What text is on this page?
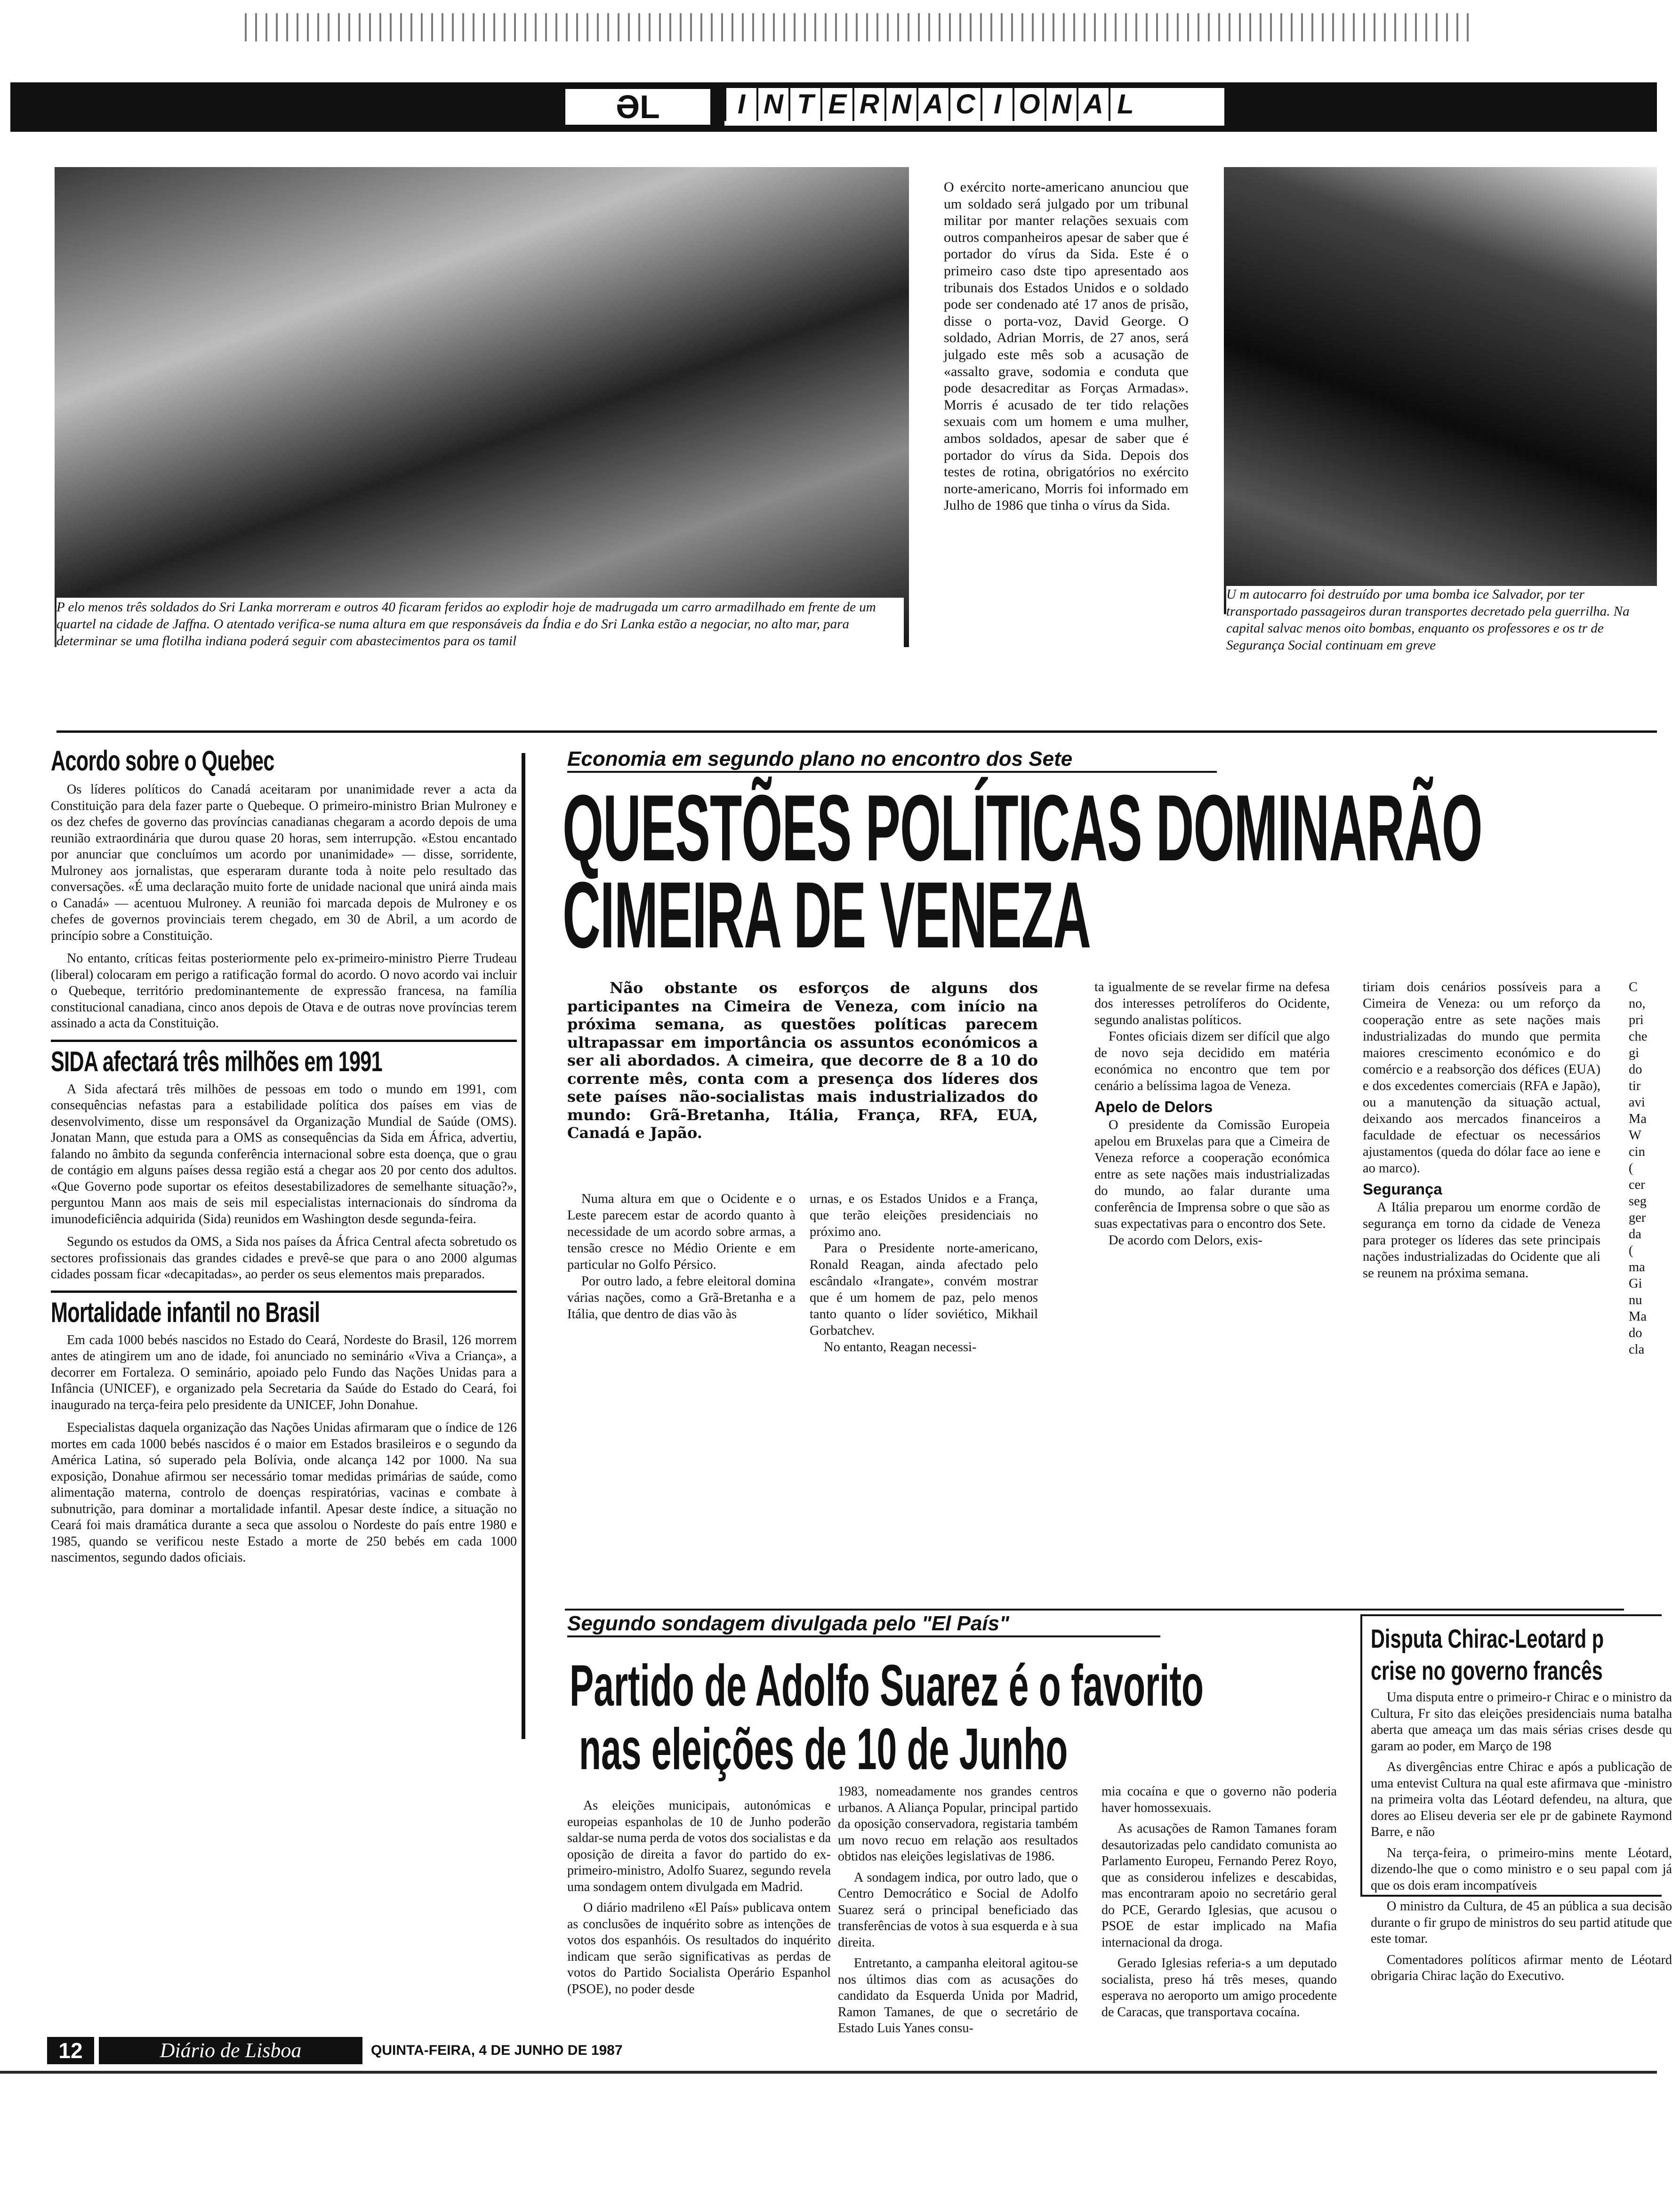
ƏL	I N T E R N A C I O N A L
P elo menos três soldados do Sri Lanka morreram e outros 40 ficaram feridos ao explodir hoje de madrugada um carro armadilhado em frente de um quartel na cidade de Jaffna. O atentado verifica-se numa altura em que responsáveis da Índia e do Sri Lanka estão a negociar, no alto mar, para determinar se uma flotilha indiana poderá seguir com abastecimentos para os tamil
O exército norte-americano anunciou que um soldado será julgado por um tribunal militar por manter relações sexuais com outros companheiros apesar de saber que é portador do vírus da Sida. Este é o primeiro caso dste tipo apresentado aos tribunais dos Estados Unidos e o soldado pode ser condenado até 17 anos de prisão, disse o porta-voz, David George. O soldado, Adrian Morris, de 27 anos, será julgado este mês sob a acusação de «assalto grave, sodomia e conduta que pode desacreditar as Forças Armadas». Morris é acusado de ter tido relações sexuais com um homem e uma mulher, ambos soldados, apesar de saber que é portador do vírus da Sida. Depois dos testes de rotina, obrigatórios no exército norte-americano, Morris foi informado em Julho de 1986 que tinha o vírus da Sida.
U m autocarro foi destruído por uma bomba ice Salvador, por ter transportado passageiros duran transportes decretado pela guerrilha. Na capital salvac menos oito bombas, enquanto os professores e os tr de Segurança Social continuam em greve
Acordo sobre o Quebec

Os líderes políticos do Canadá aceitaram por unanimidade rever a acta da Constituição para dela fazer parte o Quebeque. O primeiro-ministro Brian Mulroney e os dez chefes de governo das províncias canadianas chegaram a acordo depois de uma reunião extraordinária que durou quase 20 horas, sem interrupção. «Estou encantado por anunciar que concluímos um acordo por unanimidade» — disse, sorridente, Mulroney aos jornalistas, que esperaram durante toda à noite pelo resultado das conversações. «É uma declaração muito forte de unidade nacional que unirá ainda mais o Canadá» — acentuou Mulroney. A reunião foi marcada depois de Mulroney e os chefes de governos provinciais terem chegado, em 30 de Abril, a um acordo de princípio sobre a Constituição.

No entanto, críticas feitas posteriormente pelo ex-primeiro-ministro Pierre Trudeau (liberal) colocaram em perigo a ratificação formal do acordo. O novo acordo vai incluir o Quebeque, território predominantemente de expressão francesa, na família constitucional canadiana, cinco anos depois de Otava e de outras nove províncias terem assinado a acta da Constituição.

SIDA afectará três milhões em 1991

A Sida afectará três milhões de pessoas em todo o mundo em 1991, com consequências nefastas para a estabilidade política dos países em vias de desenvolvimento, disse um responsável da Organização Mundial de Saúde (OMS). Jonatan Mann, que estuda para a OMS as consequências da Sida em África, advertiu, falando no âmbito da segunda conferência internacional sobre esta doença, que o grau de contágio em alguns países dessa região está a chegar aos 20 por cento dos adultos. «Que Governo pode suportar os efeitos desestabilizadores de semelhante situação?», perguntou Mann aos mais de seis mil especialistas internacionais do síndroma da imunodeficiência adquirida (Sida) reunidos em Washington desde segunda-feira.

Segundo os estudos da OMS, a Sida nos países da África Central afecta sobretudo os sectores profissionais das grandes cidades e prevê-se que para o ano 2000 algumas cidades possam ficar «decapitadas», ao perder os seus elementos mais preparados.

Mortalidade infantil no Brasil

Em cada 1000 bebés nascidos no Estado do Ceará, Nordeste do Brasil, 126 morrem antes de atingirem um ano de idade, foi anunciado no seminário «Viva a Criança», a decorrer em Fortaleza. O seminário, apoiado pelo Fundo das Nações Unidas para a Infância (UNICEF), e organizado pela Secretaria da Saúde do Estado do Ceará, foi inaugurado na terça-feira pelo presidente da UNICEF, John Donahue.

Especialistas daquela organização das Nações Unidas afirmaram que o índice de 126 mortes em cada 1000 bebés nascidos é o maior em Estados brasileiros e o segundo da América Latina, só superado pela Bolívia, onde alcança 142 por 1000. Na sua exposição, Donahue afirmou ser necessário tomar medidas primárias de saúde, como alimentação materna, controlo de doenças respiratórias, vacinas e combate à subnutrição, para dominar a mortalidade infantil. Apesar deste índice, a situação no Ceará foi mais dramática durante a seca que assolou o Nordeste do país entre 1980 e 1985, quando se verificou neste Estado a morte de 250 bebés em cada 1000 nascimentos, segundo dados oficiais.

Economia em segundo plano no encontro dos Sete
QUESTÕES POLÍTICAS DOMINARÃO
CIMEIRA DE VENEZA

Não obstante os esforços de alguns dos participantes na Cimeira de Veneza, com início na próxima semana, as questões políticas parecem ultrapassar em importância os assuntos económicos a ser ali abordados. A cimeira, que decorre de 8 a 10 do corrente mês, conta com a presença dos líderes dos sete países não-socialistas mais industrializados do mundo: Grã-Bretanha, Itália, França, RFA, EUA, Canadá e Japão.

Numa altura em que o Ocidente e o Leste parecem estar de acordo quanto à necessidade de um acordo sobre armas, a tensão cresce no Médio Oriente e em particular no Golfo Pérsico.

Por outro lado, a febre eleitoral domina várias nações, como a Grã-Bretanha e a Itália, que dentro de dias vão às

urnas, e os Estados Unidos e a França, que terão eleições presidenciais no próximo ano.

Para o Presidente norte-americano, Ronald Reagan, ainda afectado pelo escândalo «Irangate», convém mostrar que é um homem de paz, pelo menos tanto quanto o líder soviético, Mikhail Gorbatchev.

No entanto, Reagan necessi-

ta igualmente de se revelar firme na defesa dos interesses petrolíferos do Ocidente, segundo analistas políticos.

Fontes oficiais dizem ser difícil que algo de novo seja decidido em matéria económica no encontro que tem por cenário a belíssima lagoa de Veneza.

Apelo de Delors

O presidente da Comissão Europeia apelou em Bruxelas para que a Cimeira de Veneza reforce a cooperação económica entre as sete nações mais industrializadas do mundo, ao falar durante uma conferência de Imprensa sobre o que são as suas expectativas para o encontro dos Sete.

De acordo com Delors, exis-

tiriam dois cenários possíveis para a Cimeira de Veneza: ou um reforço da cooperação entre as sete nações mais industrializadas do mundo que permita maiores crescimento económico e do comércio e a reabsorção dos défices (EUA) e dos excedentes comerciais (RFA e Japão), ou a manutenção da situação actual, deixando aos mercados financeiros a faculdade de efectuar os necessários ajustamentos (queda do dólar face ao iene e ao marco).

Segurança

A Itália preparou um enorme cordão de segurança em torno da cidade de Veneza para proteger os líderes das sete principais nações industrializadas do Ocidente que ali se reunem na próxima semana.

C no, pri che gi do tir avi Ma W cin ( cer seg ger da ( ma Gi nu Ma do cla

Segundo sondagem divulgada pelo "El País"
Partido de Adolfo Suarez é o favorito
nas eleições de 10 de Junho

As eleições municipais, autonómicas e europeias espanholas de 10 de Junho poderão saldar-se numa perda de votos dos socialistas e da oposição de direita a favor do partido do ex-primeiro-ministro, Adolfo Suarez, segundo revela uma sondagem ontem divulgada em Madrid.

O diário madrileno «El País» publicava ontem as conclusões de inquérito sobre as intenções de votos dos espanhóis. Os resultados do inquérito indicam que serão significativas as perdas de votos do Partido Socialista Operário Espanhol (PSOE), no poder desde

1983, nomeadamente nos grandes centros urbanos. A Aliança Popular, principal partido da oposição conservadora, registaria também um novo recuo em relação aos resultados obtidos nas eleições legislativas de 1986.

A sondagem indica, por outro lado, que o Centro Democrático e Social de Adolfo Suarez será o principal beneficiado das transferências de votos à sua esquerda e à sua direita.

Entretanto, a campanha eleitoral agitou-se nos últimos dias com as acusações do candidato da Esquerda Unida por Madrid, Ramon Tamanes, de que o secretário de Estado Luis Yanes consu-

mia cocaína e que o governo não poderia haver homossexuais.

As acusações de Ramon Tamanes foram desautorizadas pelo candidato comunista ao Parlamento Europeu, Fernando Perez Royo, que as considerou infelizes e descabidas, mas encontraram apoio no secretário geral do PCE, Gerardo Iglesias, que acusou o PSOE de estar implicado na Mafia internacional da droga.

Gerado Iglesias referia-s a um deputado socialista, preso há três meses, quando esperava no aeroporto um amigo procedente de Caracas, que transportava cocaína.

Disputa Chirac-Leotard p
crise no governo francês

Uma disputa entre o primeiro-r Chirac e o ministro da Cultura, Fr sito das eleições presidenciais numa batalha aberta que ameaça um das mais sérias crises desde qu garam ao poder, em Março de 198

As divergências entre Chirac e após a publicação de uma entevist Cultura na qual este afirmava que -ministro na primeira volta das Léotard defendeu, na altura, que dores ao Eliseu deveria ser ele pr de gabinete Raymond Barre, e não

Na terça-feira, o primeiro-mins mente Léotard, dizendo-lhe que o como ministro e o seu papal com já que os dois eram incompatíveis

O ministro da Cultura, de 45 an pública a sua decisão durante o fir grupo de ministros do seu partid atitude que este tomar.

Comentadores políticos afirmar mento de Léotard obrigaria Chirac lação do Executivo.

12	Diário de Lisboa	QUINTA-FEIRA, 4 DE JUNHO DE 1987
